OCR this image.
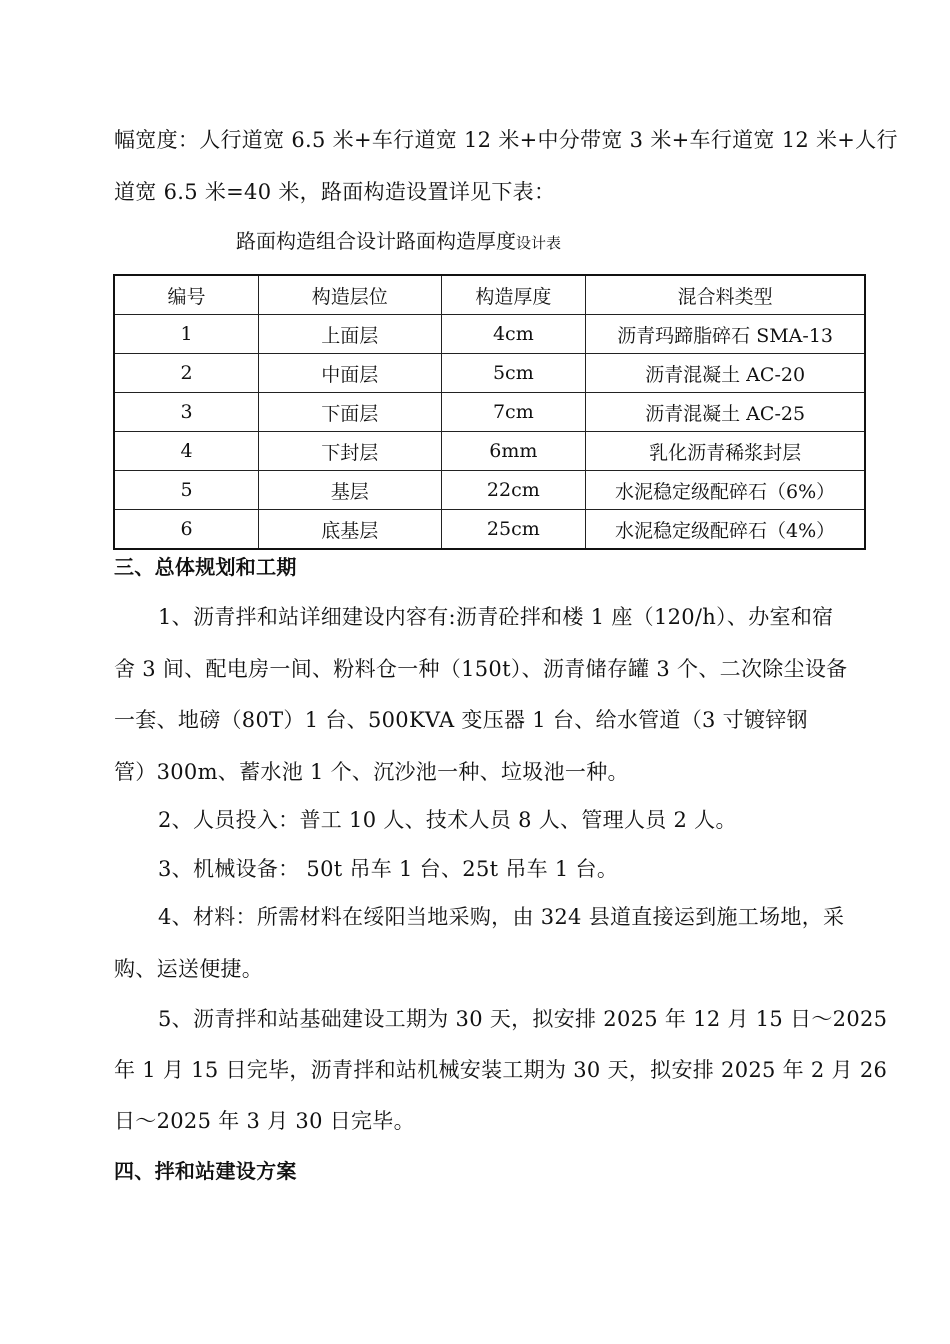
幅宽度：人行道宽 6.5 米+车行道宽 12 米+中分带宽 3 米+车行道宽 12 米+人行
道宽 6.5 米=40 米，路面构造设置详见下表：
路面构造组合设计路面构造厚度设计表
编号	构造层位	构造厚度	混合料类型
1	上面层	4cm	沥青玛蹄脂碎石 SMA-13
2	中面层	5cm	沥青混凝土 AC-20
3	下面层	7cm	沥青混凝土 AC-25
4	下封层	6mm	乳化沥青稀浆封层
5	基层	22cm	水泥稳定级配碎石（6%）
6	底基层	25cm	水泥稳定级配碎石（4%）
三、总体规划和工期
1、沥青拌和站详细建设内容有:沥青砼拌和楼 1 座（120/h）、办室和宿
舍 3 间、配电房一间、粉料仓一种（150t）、沥青储存罐 3 个、二次除尘设备
一套、地磅（80T）1 台、500KVA 变压器 1 台、给水管道（3 寸镀锌钢
管）300m、蓄水池 1 个、沉沙池一种、垃圾池一种。
2、人员投入：普工 10 人、技术人员 8 人、管理人员 2 人。
3、机械设备： 50t 吊车 1 台、25t 吊车 1 台。
4、材料：所需材料在绥阳当地采购，由 324 县道直接运到施工场地，采
购、运送便捷。
5、沥青拌和站基础建设工期为 30 天，拟安排 2025 年 12 月 15 日～2025
年 1 月 15 日完毕，沥青拌和站机械安装工期为 30 天，拟安排 2025 年 2 月 26
日～2025 年 3 月 30 日完毕。
四、拌和站建设方案
